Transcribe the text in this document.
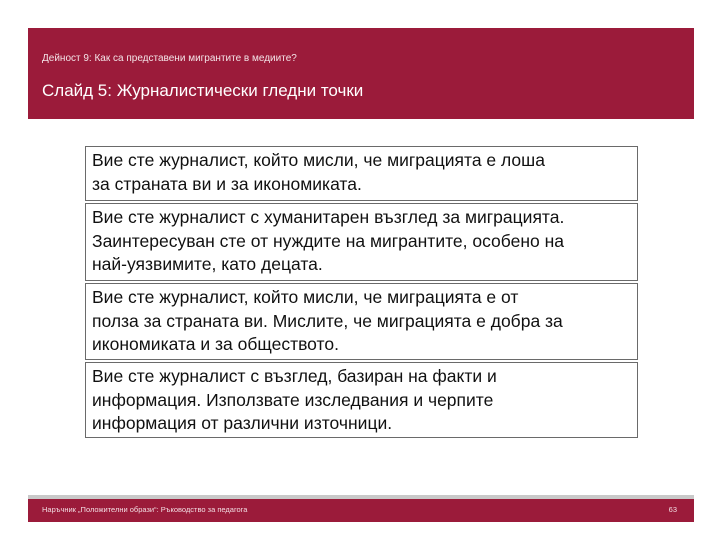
Дейност 9: Как са представени мигрантите в медиите?
Слайд 5: Журналистически гледни точки
Вие сте журналист, който мисли, че миграцията е лоша
за страната ви и за икономиката.
Вие сте журналист с хуманитарен възглед за миграцията.
Заинтересуван сте от нуждите на мигрантите, особено на
най-уязвимите, като децата.
Вие сте журналист, който мисли, че миграцията е от
полза за страната ви. Мислите, че миграцията е добра за
икономиката и за обществото.
Вие сте журналист с възглед, базиран на факти и
информация. Използвате изследвания и черпите
информация от различни източници.
Наръчник „Положителни образи“: Ръководство за педагога	63
